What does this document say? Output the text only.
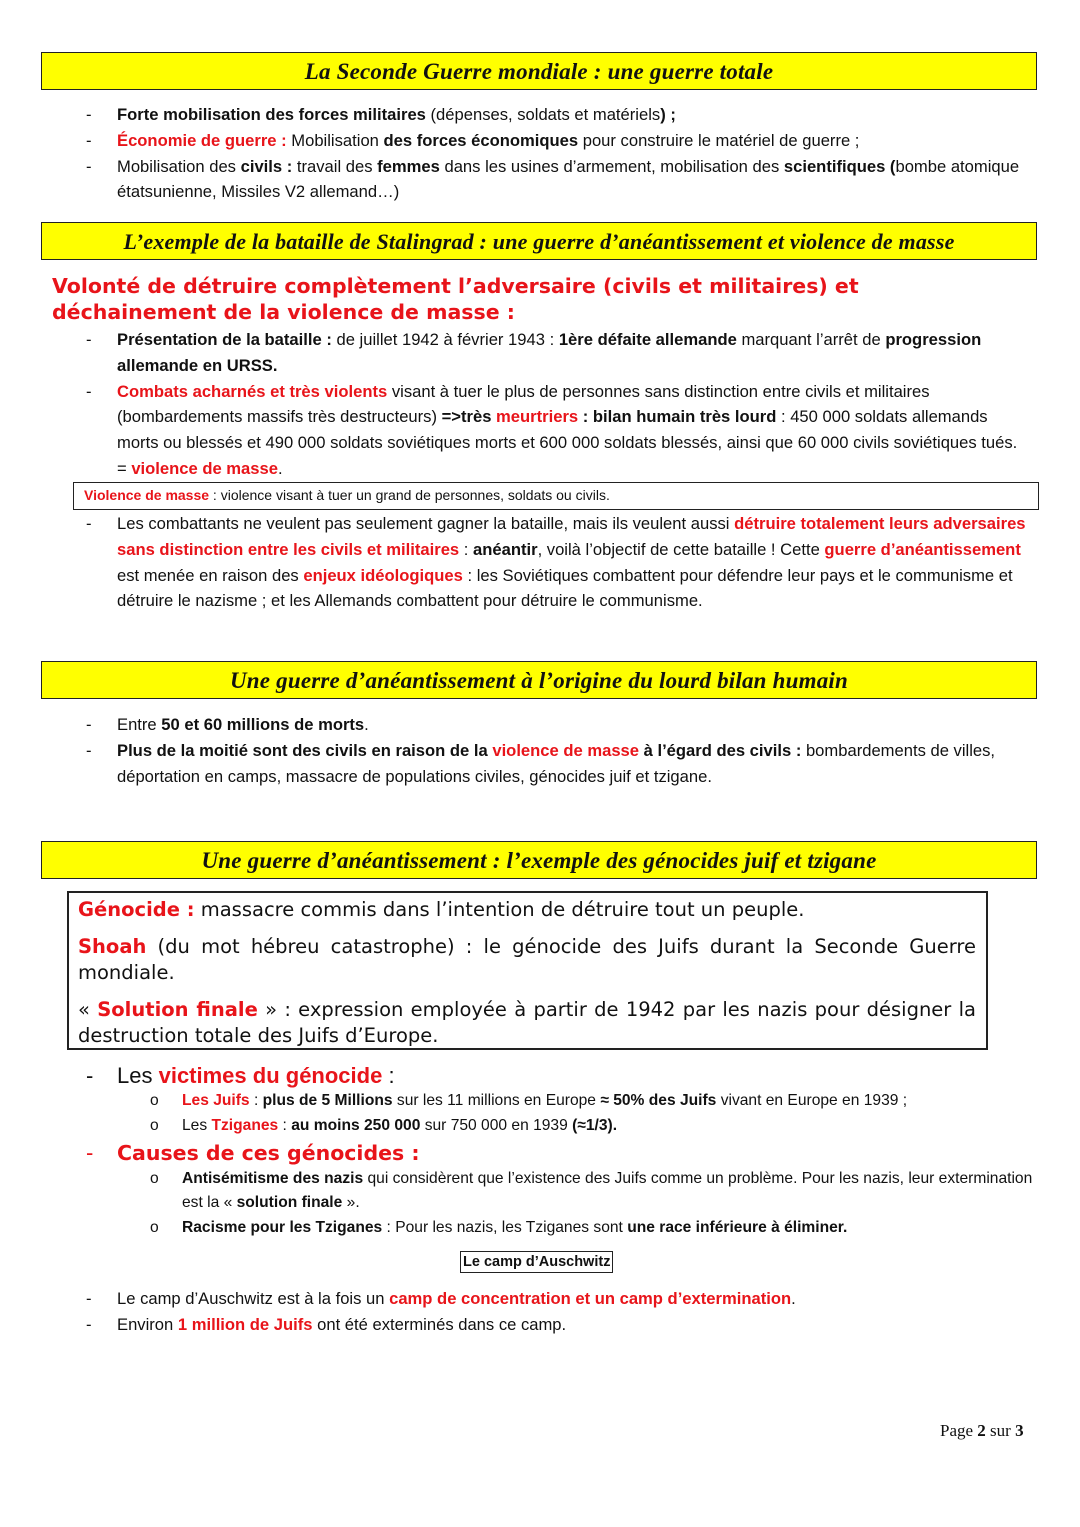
La Seconde Guerre mondiale : une guerre totale
- Forte mobilisation des forces militaires (dépenses, soldats et matériels) ;
- Économie de guerre : Mobilisation des forces économiques pour construire le matériel de guerre ;
- Mobilisation des civils : travail des femmes dans les usines d’armement, mobilisation des scientifiques (bombe atomique étatsunienne, Missiles V2 allemand…)
L’exemple de la bataille de Stalingrad : une guerre d’anéantissement et violence de masse
Volonté de détruire complètement l’adversaire (civils et militaires) et déchainement de la violence de masse :
- Présentation de la bataille : de juillet 1942 à février 1943 : 1ère défaite allemande marquant l’arrêt de progression allemande en URSS.
- Combats acharnés et très violents visant à tuer le plus de personnes sans distinction entre civils et militaires (bombardements massifs très destructeurs) =>très meurtriers : bilan humain très lourd : 450 000 soldats allemands morts ou blessés et 490 000 soldats soviétiques morts et 600 000 soldats blessés, ainsi que 60 000 civils soviétiques tués. = violence de masse.
Violence de masse : violence visant à tuer un grand de personnes, soldats ou civils.
- Les combattants ne veulent pas seulement gagner la bataille, mais ils veulent aussi détruire totalement leurs adversaires sans distinction entre les civils et militaires : anéantir, voilà l’objectif de cette bataille ! Cette guerre d’anéantissement est menée en raison des enjeux idéologiques : les Soviétiques combattent pour défendre leur pays et le communisme et détruire le nazisme ; et les Allemands combattent pour détruire le communisme.
Une guerre d’anéantissement à l’origine du lourd bilan humain
- Entre 50 et 60 millions de morts.
- Plus de la moitié sont des civils en raison de la violence de masse à l’égard des civils : bombardements de villes, déportation en camps, massacre de populations civiles, génocides juif et tzigane.
Une guerre d’anéantissement : l’exemple des génocides juif et tzigane

Génocide : massacre commis dans l’intention de détruire tout un peuple.

Shoah (du mot hébreu catastrophe) : le génocide des Juifs durant la Seconde Guerre mondiale.

« Solution finale » : expression employée à partir de 1942 par les nazis pour désigner la destruction totale des Juifs d’Europe.

- Les victimes du génocide :
o Les Juifs : plus de 5 Millions sur les 11 millions en Europe ≈ 50% des Juifs vivant en Europe en 1939 ;
o Les Tziganes : au moins 250 000 sur 750 000 en 1939 (≈1/3).
- Causes de ces génocides :
o Antisémitisme des nazis qui considèrent que l’existence des Juifs comme un problème. Pour les nazis, leur extermination est la « solution finale ».
o Racisme pour les Tziganes : Pour les nazis, les Tziganes sont une race inférieure à éliminer.
Le camp d’Auschwitz
- Le camp d’Auschwitz est à la fois un camp de concentration et un camp d’extermination.
- Environ 1 million de Juifs ont été exterminés dans ce camp.
Page 2 sur 3
